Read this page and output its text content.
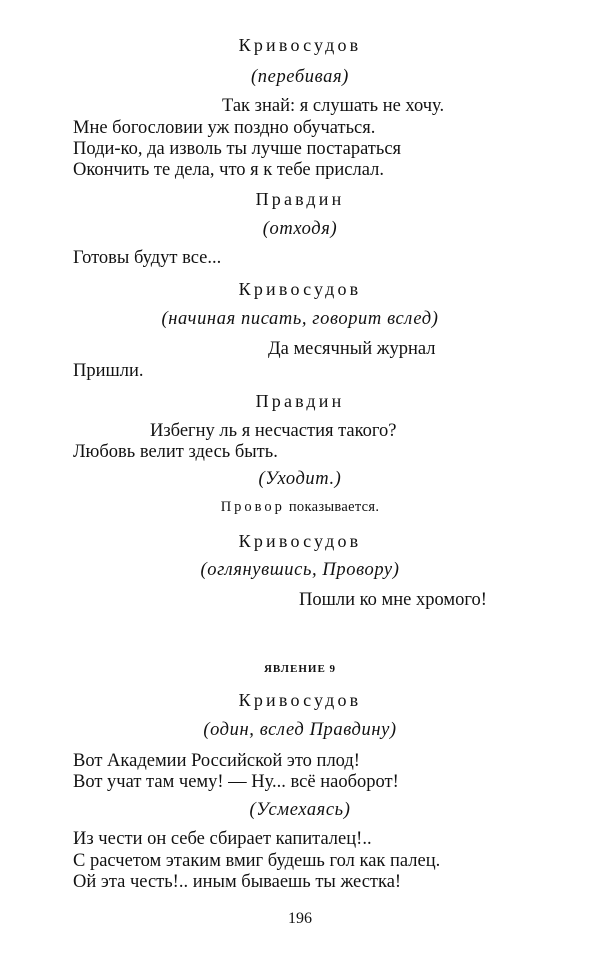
Кривосудов
(перебивая)
Так знай: я слушать не хочу.
Мне богословии уж поздно обучаться.
Поди-ко, да изволь ты лучше постараться
Окончить те дела, что я к тебе прислал.
Правдин
(отходя)
Готовы будут все...
Кривосудов
(начиная писать, говорит вслед)
Да месячный журнал
Пришли.
Правдин
Избегну ль я несчастия такого?
Любовь велит здесь быть.
(Уходит.)
Провор показывается.
Кривосудов
(оглянувшись, Провору)
Пошли ко мне хромого!
ЯВЛЕНИЕ 9
Кривосудов
(один, вслед Правдину)
Вот Академии Российской это плод!
Вот учат там чему! — Ну... всё наоборот!
(Усмехаясь)
Из чести он себе сбирает капиталец!..
С расчетом этаким вмиг будешь гол как палец.
Ой эта честь!.. иным бываешь ты жестка!
196
